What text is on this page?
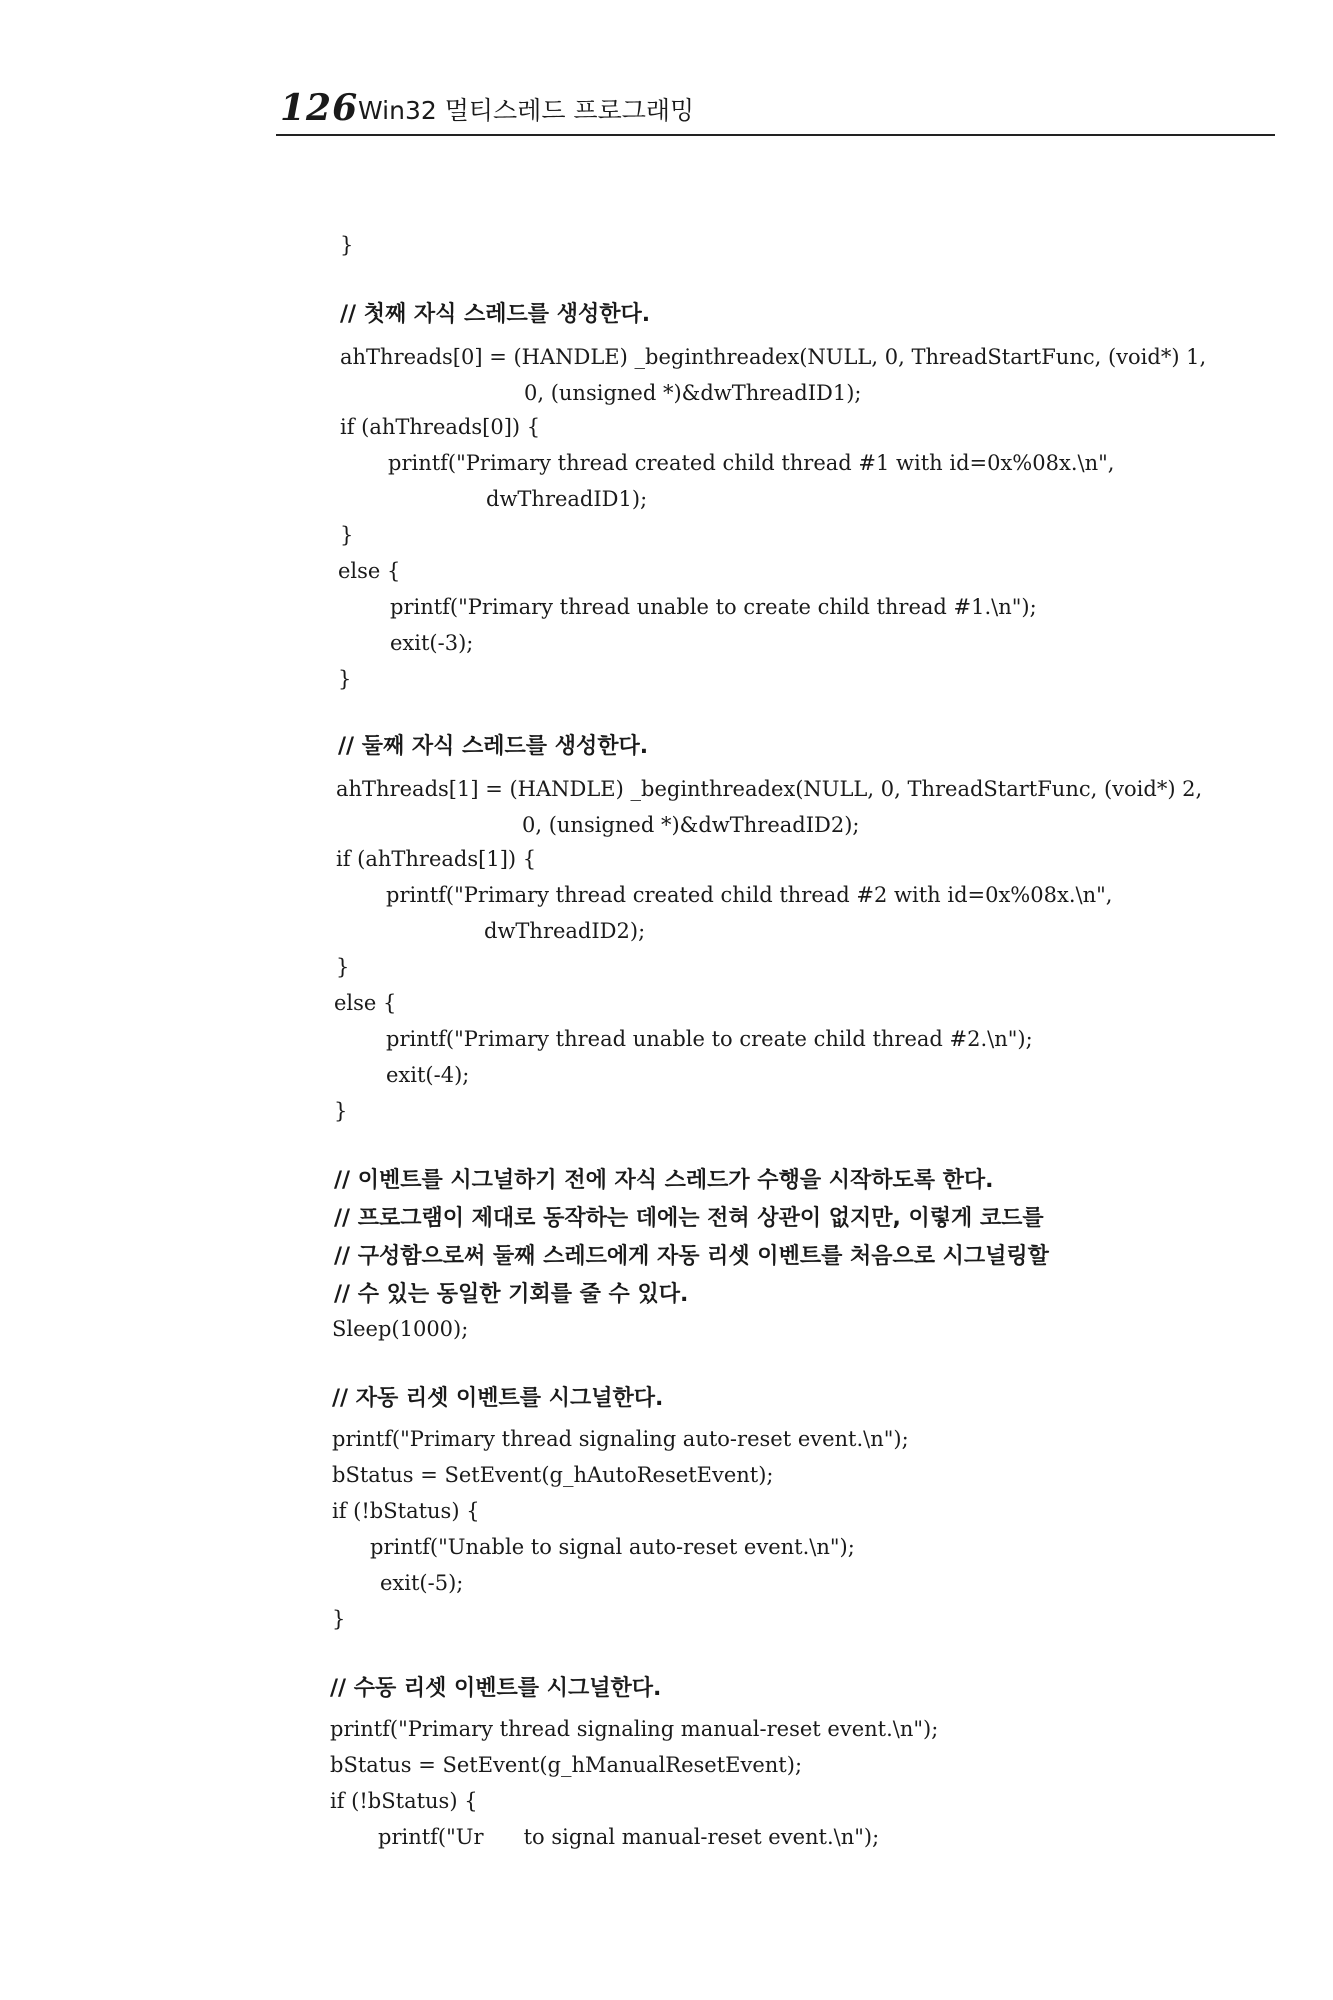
126 Win32 멀티스레드 프로그래밍
}
// 첫째 자식 스레드를 생성한다.
ahThreads[0] = (HANDLE) _beginthreadex(NULL, 0, ThreadStartFunc, (void*) 1,
0, (unsigned *)&dwThreadID1);
if (ahThreads[0]) {
printf("Primary thread created child thread #1 with id=0x%08x.\n",
dwThreadID1);
}
else {
printf("Primary thread unable to create child thread #1.\n");
exit(-3);
}
// 둘째 자식 스레드를 생성한다.
ahThreads[1] = (HANDLE) _beginthreadex(NULL, 0, ThreadStartFunc, (void*) 2,
0, (unsigned *)&dwThreadID2);
if (ahThreads[1]) {
printf("Primary thread created child thread #2 with id=0x%08x.\n",
dwThreadID2);
}
else {
printf("Primary thread unable to create child thread #2.\n");
exit(-4);
}
// 이벤트를 시그널하기 전에 자식 스레드가 수행을 시작하도록 한다.
// 프로그램이 제대로 동작하는 데에는 전혀 상관이 없지만, 이렇게 코드를
// 구성함으로써 둘째 스레드에게 자동 리셋 이벤트를 처음으로 시그널링할
// 수 있는 동일한 기회를 줄 수 있다.
Sleep(1000);
// 자동 리셋 이벤트를 시그널한다.
printf("Primary thread signaling auto-reset event.\n");
bStatus = SetEvent(g_hAutoResetEvent);
if (!bStatus) {
printf("Unable to signal auto-reset event.\n");
exit(-5);
}
// 수동 리셋 이벤트를 시그널한다.
printf("Primary thread signaling manual-reset event.\n");
bStatus = SetEvent(g_hManualResetEvent);
if (!bStatus) {
printf("Ur      to signal manual-reset event.\n");
